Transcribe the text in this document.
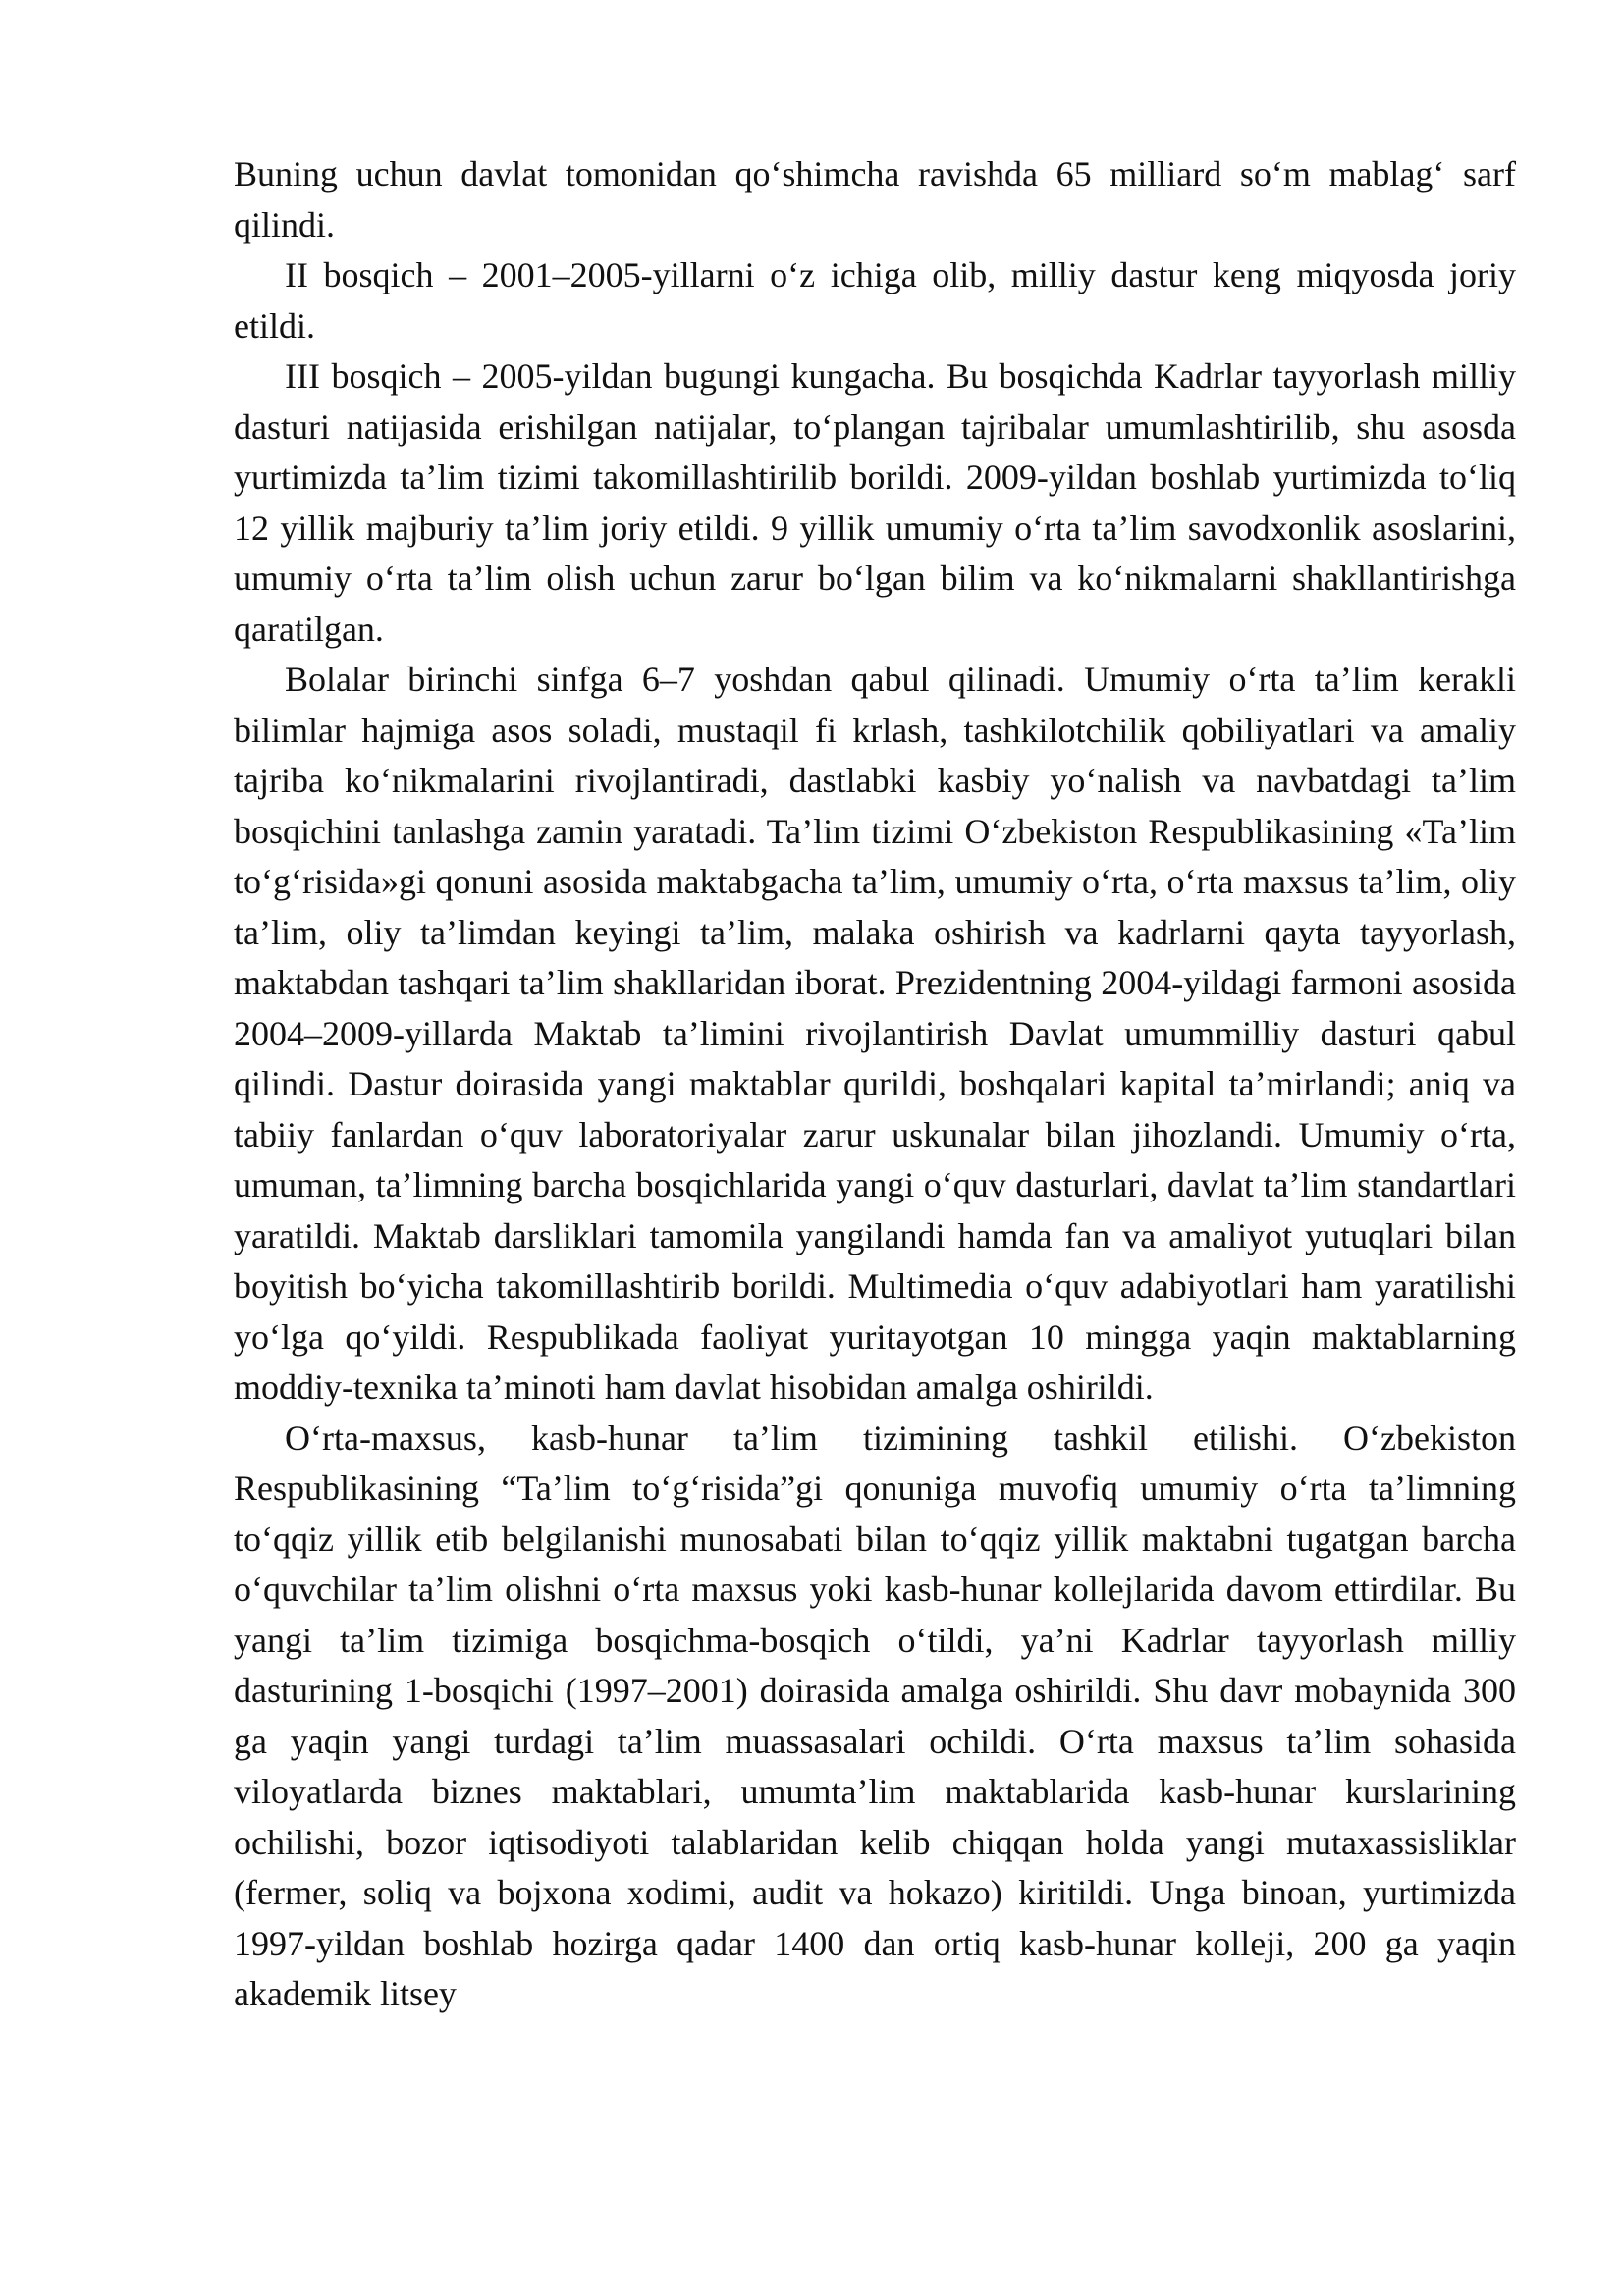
Buning uchun davlat tomonidan qo‘shimcha ravishda 65 milliard so‘m mablag‘ sarf qilindi.

II bosqich – 2001–2005-yillarni o‘z ichiga olib, milliy dastur keng miqyosda joriy etildi.

III bosqich – 2005-yildan bugungi kungacha. Bu bosqichda Kadrlar tayyorlash milliy dasturi natijasida erishilgan natijalar, to‘plangan tajribalar umumlashtirilib, shu asosda yurtimizda ta’lim tizimi takomillashtirilib borildi. 2009-yildan boshlab yurtimizda to‘liq 12 yillik majburiy ta’lim joriy etildi. 9 yillik umumiy o‘rta ta’lim savodxonlik asoslarini, umumiy o‘rta ta’lim olish uchun zarur bo‘lgan bilim va ko‘nikmalarni shakllantirishga qaratilgan.

Bolalar birinchi sinfga 6–7 yoshdan qabul qilinadi. Umumiy o‘rta ta’lim kerakli bilimlar hajmiga asos soladi, mustaqil fi krlash, tashkilotchilik qobiliyatlari va amaliy tajriba ko‘nikmalarini rivojlantiradi, dastlabki kasbiy yo‘nalish va navbatdagi ta’lim bosqichini tanlashga zamin yaratadi. Ta’lim tizimi O‘zbekiston Respublikasining «Ta’lim to‘g‘risida»gi qonuni asosida maktabgacha ta’lim, umumiy o‘rta, o‘rta maxsus ta’lim, oliy ta’lim, oliy ta’limdan keyingi ta’lim, malaka oshirish va kadrlarni qayta tayyorlash, maktabdan tashqari ta’lim shakllaridan iborat. Prezidentning 2004-yildagi farmoni asosida 2004–2009-yillarda Maktab ta’limini rivojlantirish Davlat umummilliy dasturi qabul qilindi. Dastur doirasida yangi maktablar qurildi, boshqalari kapital ta’mirlandi; aniq va tabiiy fanlardan o‘quv laboratoriyalar zarur uskunalar bilan jihozlandi. Umumiy o‘rta, umuman, ta’limning barcha bosqichlarida yangi o‘quv dasturlari, davlat ta’lim standartlari yaratildi. Maktab darsliklari tamomila yangilandi hamda fan va amaliyot yutuqlari bilan boyitish bo‘yicha takomillashtirib borildi. Multimedia o‘quv adabiyotlari ham yaratilishi yo‘lga qo‘yildi. Respublikada faoliyat yuritayotgan 10 mingga yaqin maktablarning moddiy-texnika ta’minoti ham davlat hisobidan amalga oshirildi.

O‘rta-maxsus, kasb-hunar ta’lim tizimining tashkil etilishi. O‘zbekiston Respublikasining “Ta’lim to‘g‘risida”gi qonuniga muvofiq umumiy o‘rta ta’limning to‘qqiz yillik etib belgilanishi munosabati bilan to‘qqiz yillik maktabni tugatgan barcha o‘quvchilar ta’lim olishni o‘rta maxsus yoki kasb-hunar kollejlarida davom ettirdilar. Bu yangi ta’lim tizimiga bosqichma-bosqich o‘tildi, ya’ni Kadrlar tayyorlash milliy dasturining 1-bosqichi (1997–2001) doirasida amalga oshirildi. Shu davr mobaynida 300 ga yaqin yangi turdagi ta’lim muassasalari ochildi. O‘rta maxsus ta’lim sohasida viloyatlarda biznes maktablari, umumta’lim maktablarida kasb-hunar kurslarining ochilishi, bozor iqtisodiyoti talablaridan kelib chiqqan holda yangi mutaxassisliklar (fermer, soliq va bojxona xodimi, audit va hokazo) kiritildi. Unga binoan, yurtimizda 1997-yildan boshlab hozirga qadar 1400 dan ortiq kasb-hunar kolleji, 200 ga yaqin akademik litsey
